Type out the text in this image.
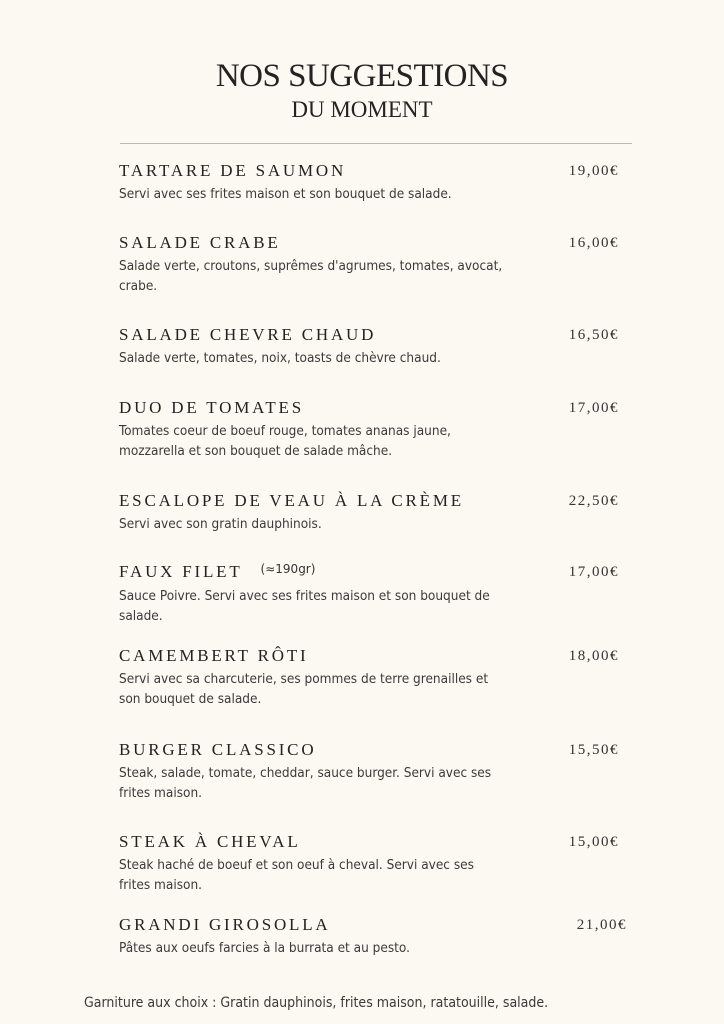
NOS SUGGESTIONS
DU MOMENT
TARTARE DE SAUMON
Servi avec ses frites maison et son bouquet de salade.
19,00€
SALADE CRABE
Salade verte, croutons, suprêmes d'agrumes, tomates, avocat, crabe.
16,00€
SALADE CHEVRE CHAUD
Salade verte, tomates, noix, toasts de chèvre chaud.
16,50€
DUO DE TOMATES
Tomates coeur de boeuf rouge, tomates ananas jaune, mozzarella et son bouquet de salade mâche.
17,00€
ESCALOPE DE VEAU À LA CRÈME
Servi avec son gratin dauphinois.
22,50€
FAUX FILET $^{(\approx 190gr)}$
Sauce Poivre. Servi avec ses frites maison et son bouquet de salade.
17,00€
CAMEMBERT RÔTI
Servi avec sa charcuterie, ses pommes de terre grenailles et son bouquet de salade.
18,00€
BURGER CLASSICO
Steak, salade, tomate, cheddar, sauce burger. Servi avec ses frites maison.
15,50€
STEAK À CHEVAL
Steak haché de boeuf et son oeuf à cheval. Servi avec ses frites maison.
15,00€
GRANDI GIROSOLLA
Pâtes aux oeufs farcies à la burrata et au pesto.
21,00€
Garniture aux choix : Gratin dauphinois, frites maison, ratatouille, salade.
